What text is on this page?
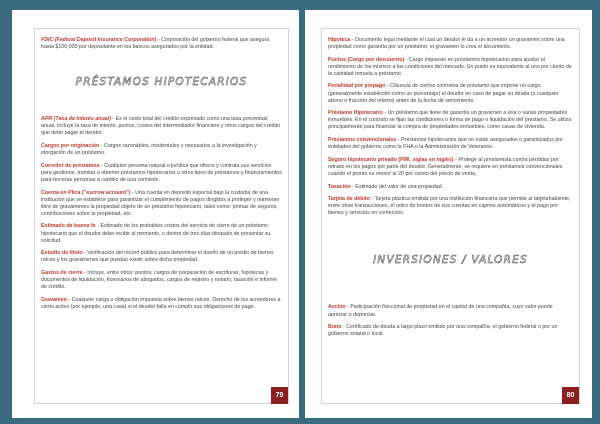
FDIC (Federal Deposit Insurance Corporation) - Corporación del gobierno federal que asegura hasta $100,000 por depositante en los bancos asegurados por la entidad.
PRÉSTAMOS HIPOTECARIOS
APR (Tasa de interés anual) - Es el costo total del crédito expresado como una tasa porcentual anual. Incluye la tasa de interés, puntos, costos del intermediador financiero y otros cargos del crédito que debe pagar el deudor.
Cargos por originación - Cargos razonables, incidentales y necesarios a la investigación y otorgación de un préstamo.
Corredor de préstamos - Cualquier persona natural o jurídica que ofrece y contrata sus servicios para gestionar, tramitar u obtener préstamos hipotecarios u otros tipos de préstamos y financiamientos para terceras personas a cambio de una comisión.
Cuenta en Plica ("escrow account") - Una cuenta en depósito especial bajo la custodia de una institución que se establece para garantizar el cumplimiento de pagos dirigidos a proteger y mantener libre de gravámenes la propiedad objeto de un préstamo hipotecario, tales como: primas de seguros, contribuciones sobre la propiedad, etc.
Estimado de buena fe - Estimado de los probables costos del servicio de cierre de un préstamo hipotecario que el deudor debe recibir al momento, o dentro de tres días después de presentar su solicitud.
Estudio de título - Verificación del récord público para determinar el dueño de un predio de bienes raíces y los gravámenes que puedan existir sobre dicha propiedad.
Gastos de cierre - Incluye, entre otros: puntos, cargos de preparación de escrituras, hipotecas y documentos de liquidación, honorarios de abogados, cargos de registro y notario, tasación e informe de crédito.
Gravamen - Cualquier carga u obligación impuesta sobre bienes raíces. Derecho de los acreedores a cierto activo (por ejemplo, una casa) si el deudor falla en cumplir sus obligaciones de pago.
79
Hipoteca - Documento legal mediante el cual un deudor le da a un acreedor un gravamen sobre una propiedad como garantía por un préstamo; el gravamen lo crea el documento.
Puntos (Cargo por descuento) - Cargo impuesto en préstamos hipotecarios para ajustar el rendimiento de los mismos a las condiciones del mercado. Un punto es equivalente al uno por ciento de la cantidad tomada a préstamo.
Penalidad por prepago - Cláusula de ciertos contratos de préstamo que impone un cargo (generalmente establecido como un porcentaje) al deudor en caso de pagar su deuda (o cualquier abono o fracción del mismo) antes de la fecha de vencimiento.
Préstamo Hipotecario - Un préstamo que tiene de garantía un gravamen a una o varias propiedades inmuebles. En el contrato se fijan las condiciones o forma de pago o liquidación del préstamo. Se utiliza principalmente para financiar la compra de propiedades inmuebles, como casas de vivienda.
Préstamos convencionales - Préstamos hipotecarios que no están asegurados o garantizados por entidades del gobierno como la FHA o la Administración de Veteranos.
Seguro hipotecario privado (PMI, siglas en inglés) - Protege al prestamista contra pérdidas por retraso en los pagos por parte del deudor. Generalmente, se requiere en préstamos convencionales cuando el pronto es menor al 20 por ciento del precio de venta.
Tasación - Estimado del valor de una propiedad.
Tarjeta de débito - Tarjeta plástica emitida por una institución financiera que permite al tarjetahabiente, entre otras transacciones, el retiro de fondos de sus cuentas en cajeros automáticos y el pago por bienes y servicios en comercios.
INVERSIONES / VALORES
Acción - Participación fraccional de propiedad en el capital de una compañía, cuyo valor puede apreciar o depreciar.
Bono - Certificado de deuda a largo plazo emitido por una compañía, el gobierno federal o por un gobierno estatal o local.
80
